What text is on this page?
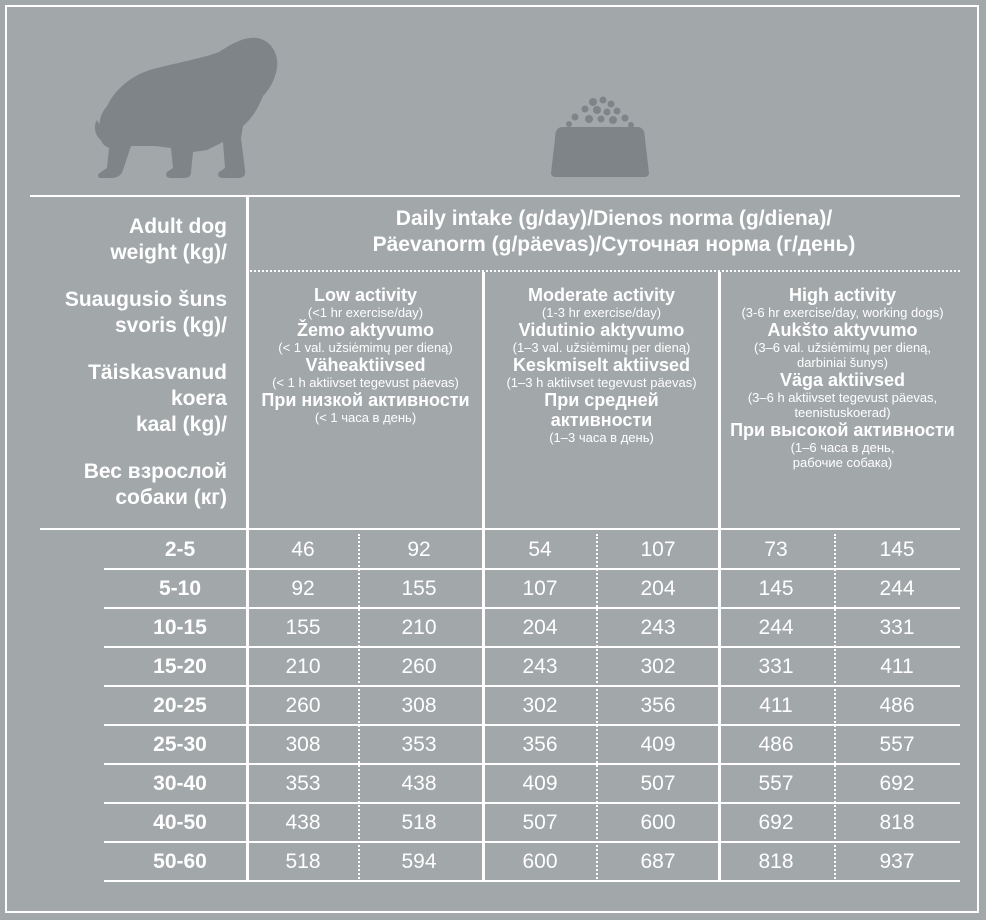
Adult dog
weight (kg)/
Suaugusio šuns
svoris (kg)/
Täiskasvanud koera
kaal (kg)/
Вес взрослой
собаки (кг)
Daily intake (g/day)/Dienos norma (g/diena)/
Päevanorm (g/päevas)/Суточная норма (г/день)
Low activity
(<1 hr exercise/day)
Žemo aktyvumo
(< 1 val. užsiėmimų per dieną)
Väheaktiivsed
(< 1 h aktiivset tegevust päevas)
При низкой активности
(< 1 часа в день)
Moderate activity
(1-3 hr exercise/day)
Vidutinio aktyvumo
(1–3 val. užsiėmimų per dieną)
Keskmiselt aktiivsed
(1–3 h aktiivset tegevust päevas)
При средней
активности
(1–3 часа в день)
High activity
(3-6 hr exercise/day, working dogs)
Aukšto aktyvumo
(3–6 val. užsiėmimų per dieną,
darbiniai šunys)
Väga aktiivsed
(3–6 h aktiivset tegevust päevas,
teenistuskoerad)
При высокой активности
(1–6 часа в день,
рабочие собака)
2-5	46	92	54	107	73	145
5-10	92	155	107	204	145	244
10-15	155	210	204	243	244	331
15-20	210	260	243	302	331	411
20-25	260	308	302	356	411	486
25-30	308	353	356	409	486	557
30-40	353	438	409	507	557	692
40-50	438	518	507	600	692	818
50-60	518	594	600	687	818	937
